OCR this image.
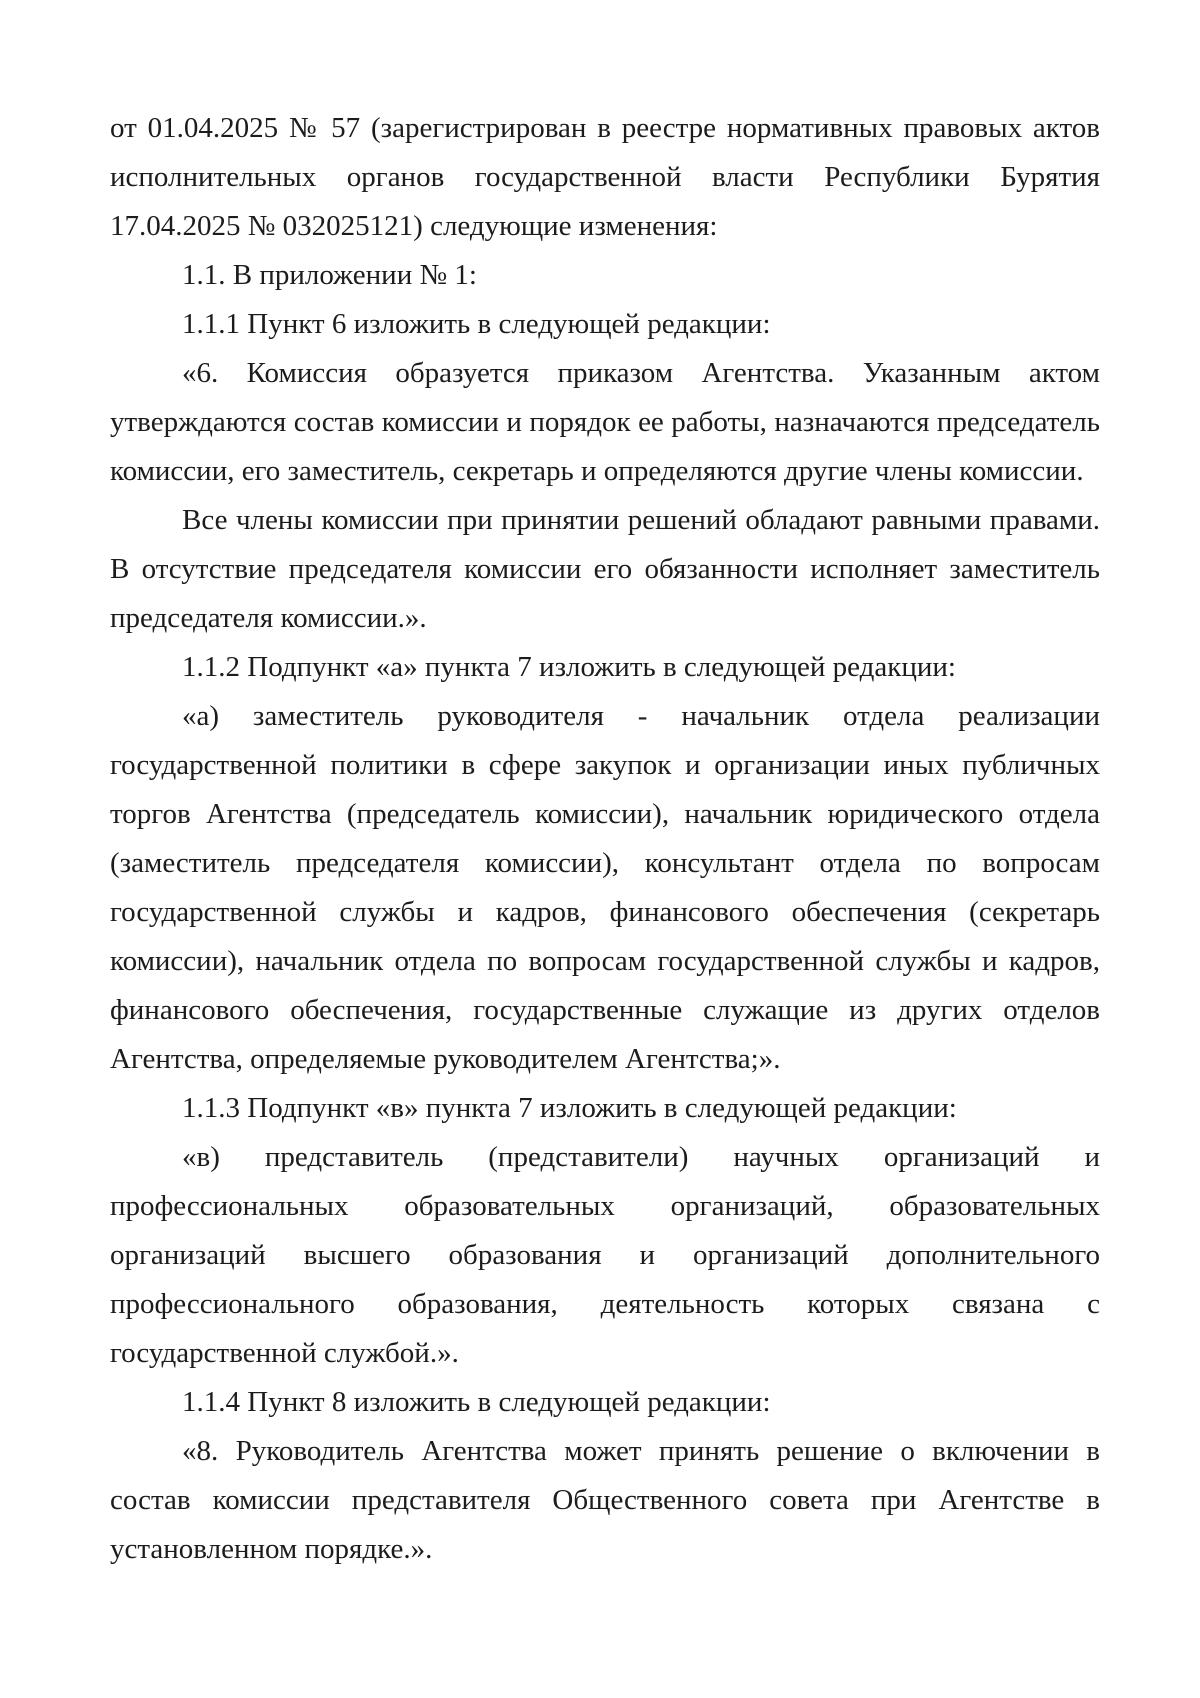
от 01.04.2025 № 57 (зарегистрирован в реестре нормативных правовых актов исполнительных органов государственной власти Республики Бурятия 17.04.2025 № 032025121) следующие изменения:

1.1. В приложении № 1:

1.1.1 Пункт 6 изложить в следующей редакции:

«6. Комиссия образуется приказом Агентства. Указанным актом утверждаются состав комиссии и порядок ее работы, назначаются председатель комиссии, его заместитель, секретарь и определяются другие члены комиссии.

Все члены комиссии при принятии решений обладают равными правами. В отсутствие председателя комиссии его обязанности исполняет заместитель председателя комиссии.».

1.1.2 Подпункт «а» пункта 7 изложить в следующей редакции:

«а) заместитель руководителя - начальник отдела реализации государственной политики в сфере закупок и организации иных публичных торгов Агентства (председатель комиссии), начальник юридического отдела (заместитель председателя комиссии), консультант отдела по вопросам государственной службы и кадров, финансового обеспечения (секретарь комиссии), начальник отдела по вопросам государственной службы и кадров, финансового обеспечения, государственные служащие из других отделов Агентства, определяемые руководителем Агентства;».

1.1.3 Подпункт «в» пункта 7 изложить в следующей редакции:

«в) представитель (представители) научных организаций и профессиональных образовательных организаций, образовательных организаций высшего образования и организаций дополнительного профессионального образования, деятельность которых связана с государственной службой.».

1.1.4 Пункт 8 изложить в следующей редакции:

«8. Руководитель Агентства может принять решение о включении в состав комиссии представителя Общественного совета при Агентстве в установленном порядке.».
